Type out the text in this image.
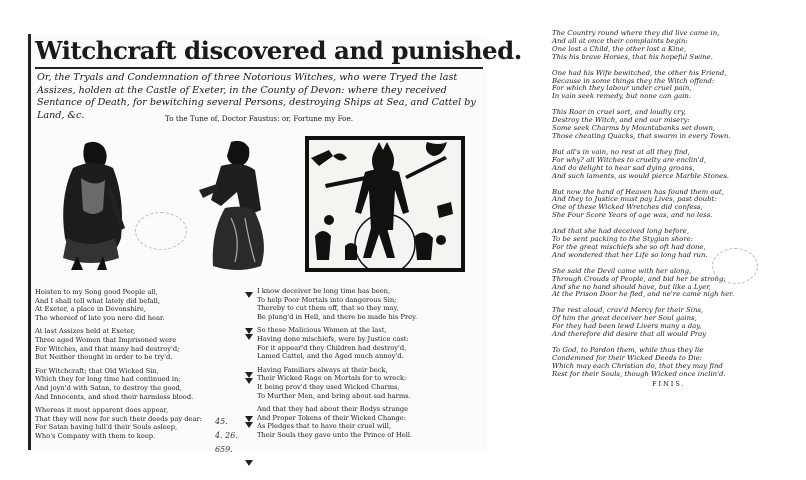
Witchcraft discovered and punished.
Or, the Tryals and Condemnation of three Notorious Witches, who were Tryed the last Assizes, holden at the Castle of Exeter, in the County of Devon: where they received Sentance of Death, for bewitching several Persons, destroying Ships at Sea, and Cattel by Land, &c.	To the Tune of, Doctor Faustus: or, Fortune my Foe.
Hoisten to my Song good People all,
And I shall tell what lately did befall,
At Exeter, a place in Devonshire,
The whereof of late you nere did hear.
At last Assizes held at Exeter,
Three aged Women that Imprisoned were
For Witches, and that many had destroy'd;
But Neither thought in order to be try'd.
For Witchcraft; that Old Wicked Sin,
Which they for long time had continued in;
And joyn'd with Satan, to destroy the good,
And Innocents, and shed their harmless blood.
Whereas it most apparent does appear,
That they will now for such their deeds pay dear:
For Satan having lull'd their Souls asleep,
Who's Company with them to keep.
45.
4. 26.
659.
I know deceiver be long time has been,
To help Poor Mortals into dangerous Sin;
Thereby to cut them off, that so they may,
Be plung'd in Hell, and there be made his Prey.
So these Malicious Women at the last,
Having done mischiefs, were by Justice cast:
For it appear'd they Children had destroy'd,
Lamed Cattel, and the Aged much annoy'd.
Having Familiars always at their beck,
Their Wicked Rage on Mortals for to wreck:
It being prov'd they used Wicked Charms,
To Murther Men, and bring about sad harms.
And that they had about their Bodys strange
And Proper Tokens of their Wicked Change:
As Pledges that to have their cruel will,
Their Souls they gave unto the Prince of Hell.
The Country round where they did live came in,
And all at once their complaints begin:
One lost a Child, the other lost a Kine,
This his brave Horses, that his hopeful Swine.
One had his Wife bewitched, the other his Friend,
Because in some things they the Witch offend:
For which they labour under cruel pain,
In vain seek remedy, but none can gain.
This Roar in cruel sort, and loudly cry,
Destroy the Witch, and end our misery:
Some seek Charms by Mountabanks set down,
Those cheating Quacks, that swarm in every Town.
But all's in vain, no rest at all they find,
For why? all Witches to cruelty are enclin'd,
And do delight to hear sad dying groans,
And such laments, as would pierce Marble Stones.
But now the hand of Heaven has found them out,
And they to Justice must pay Lives, past doubt:
One of these Wicked Wretches did confess,
She Four Score Years of age was, and no less.
And that she had deceived long before,
To be sent packing to the Stygian shore:
For the great mischiefs she so oft had done,
And wondered that her Life so long had run.
She said the Devil came with her along,
Through Crouds of People, and bid her be strong:
And she no hand should have, but like a Lyer,
At the Prison Door he fled, and ne're came nigh her.
The rest aloud, crav'd Mercy for their Sins,
Of him the great deceiver her Soul gains,
For they had been lewd Livers many a day,
And therefore did desire that all would Pray
To God, to Pardon them, while thus they lie
Condemned for their Wicked Deeds to Die:
Which may each Christian do, that they may find
Rest for their Souls, though Wicked once inclin'd.
FINIS.
